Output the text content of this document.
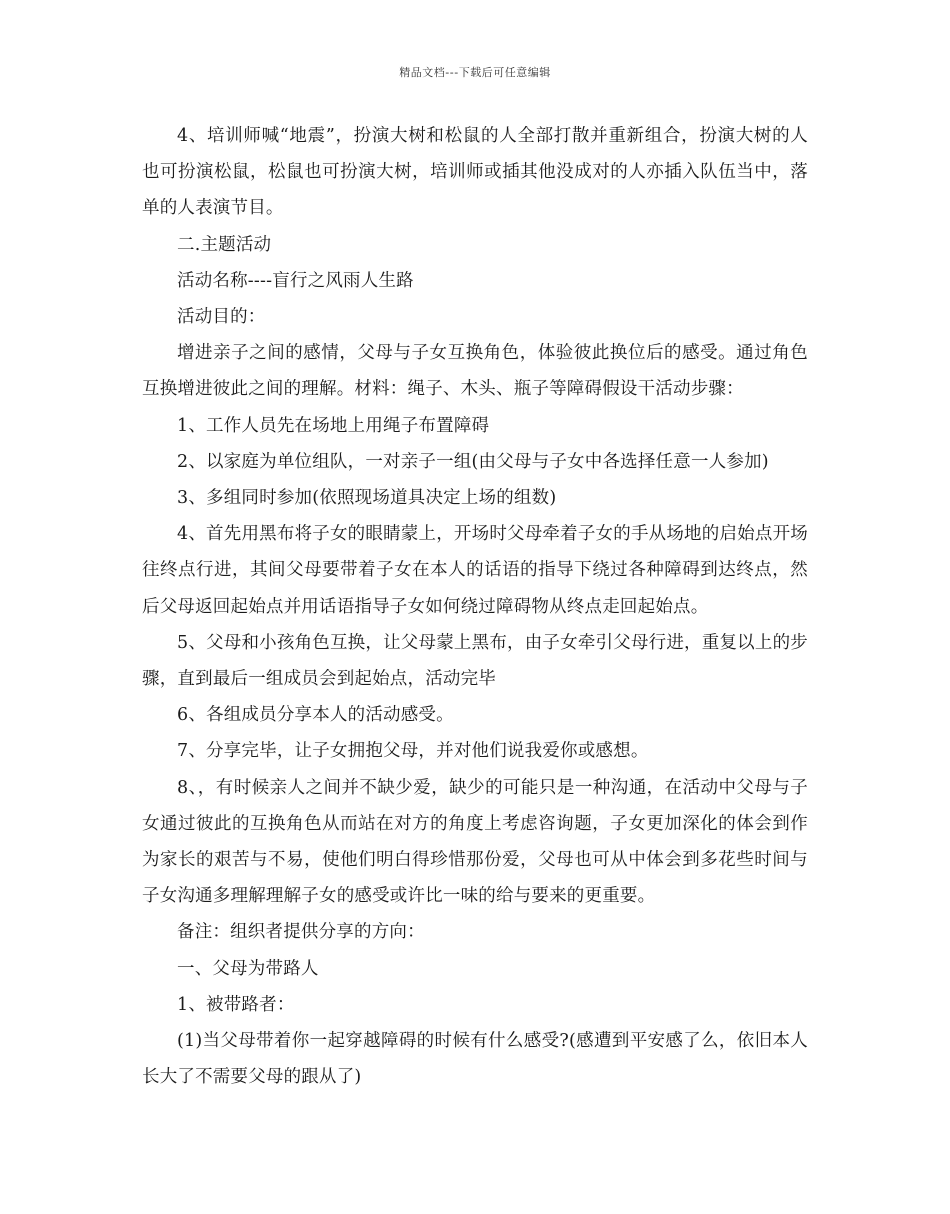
精品文档---下载后可任意编辑

4、培训师喊“地震”，扮演大树和松鼠的人全部打散并重新组合，扮演大树的人也可扮演松鼠，松鼠也可扮演大树，培训师或插其他没成对的人亦插入队伍当中，落单的人表演节目。

二.主题活动

活动名称----盲行之风雨人生路

活动目的：

增进亲子之间的感情，父母与子女互换角色，体验彼此换位后的感受。通过角色互换增进彼此之间的理解。材料：绳子、木头、瓶子等障碍假设干活动步骤：

1、工作人员先在场地上用绳子布置障碍

2、以家庭为单位组队，一对亲子一组(由父母与子女中各选择任意一人参加)

3、多组同时参加(依照现场道具决定上场的组数)

4、首先用黑布将子女的眼睛蒙上，开场时父母牵着子女的手从场地的启始点开场往终点行进，其间父母要带着子女在本人的话语的指导下绕过各种障碍到达终点，然后父母返回起始点并用话语指导子女如何绕过障碍物从终点走回起始点。

5、父母和小孩角色互换，让父母蒙上黑布，由子女牵引父母行进，重复以上的步骤，直到最后一组成员会到起始点，活动完毕

6、各组成员分享本人的活动感受。

7、分享完毕，让子女拥抱父母，并对他们说我爱你或感想。

8、，有时候亲人之间并不缺少爱，缺少的可能只是一种沟通，在活动中父母与子女通过彼此的互换角色从而站在对方的角度上考虑咨询题，子女更加深化的体会到作为家长的艰苦与不易，使他们明白得珍惜那份爱，父母也可从中体会到多花些时间与子女沟通多理解理解子女的感受或许比一味的给与要来的更重要。

备注：组织者提供分享的方向：

一、父母为带路人

1、被带路者：

(1)当父母带着你一起穿越障碍的时候有什么感受?(感遭到平安感了么，依旧本人长大了不需要父母的跟从了)
